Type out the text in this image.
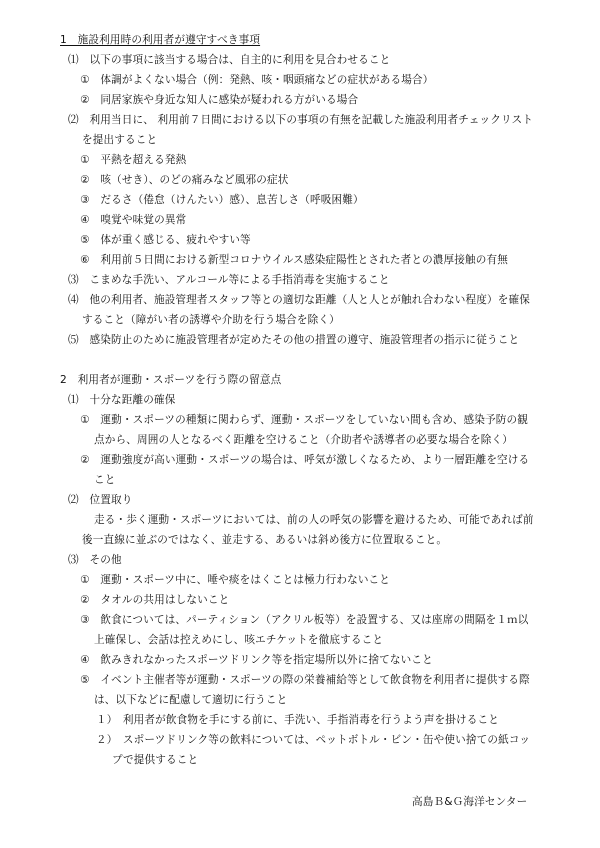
1　施設利用時の利用者が遵守すべき事項
⑴　以下の事項に該当する場合は、自主的に利用を見合わせること
①　体調がよくない場合（例：発熱、咳・咽頭痛などの症状がある場合）
②　同居家族や身近な知人に感染が疑われる方がいる場合
⑵　利用当日に、 利用前７日間における以下の事項の有無を記載した施設利用者チェックリスト
を提出すること
①　平熱を超える発熱
②　咳（せき）、のどの痛みなど風邪の症状
③　だるさ（倦怠（けんたい）感）、息苦しさ（呼吸困難）
④　嗅覚や味覚の異常
⑤　体が重く感じる、疲れやすい等
⑥　利用前５日間における新型コロナウイルス感染症陽性とされた者との濃厚接触の有無
⑶　こまめな手洗い、アルコール等による手指消毒を実施すること
⑷　他の利用者、施設管理者スタッフ等との適切な距離（人と人とが触れ合わない程度）を確保
すること（障がい者の誘導や介助を行う場合を除く）
⑸　感染防止のために施設管理者が定めたその他の措置の遵守、施設管理者の指示に従うこと
2　利用者が運動・スポーツを行う際の留意点
⑴　十分な距離の確保
①　運動・スポーツの種類に関わらず、運動・スポーツをしていない間も含め、感染予防の観
点から、周囲の人となるべく距離を空けること（介助者や誘導者の必要な場合を除く）
②　運動強度が高い運動・スポーツの場合は、呼気が激しくなるため、より一層距離を空ける
こと
⑵　位置取り
走る・歩く運動・スポーツにおいては、前の人の呼気の影響を避けるため、可能であれば前
後一直線に並ぶのではなく、並走する、あるいは斜め後方に位置取ること。
⑶　その他
①　運動・スポーツ中に、唾や痰をはくことは極力行わないこと
②　タオルの共用はしないこと
③　飲食については、パーティション（アクリル板等）を設置する、又は座席の間隔を１ｍ以
上確保し、会話は控えめにし、咳エチケットを徹底すること
④　飲みきれなかったスポーツドリンク等を指定場所以外に捨てないこと
⑤　イベント主催者等が運動・スポーツの際の栄養補給等として飲食物を利用者に提供する際
は、以下などに配慮して適切に行うこと
１）　利用者が飲食物を手にする前に、手洗い、手指消毒を行うよう声を掛けること
２）　スポーツドリンク等の飲料については、ペットボトル・ビン・缶や使い捨ての紙コッ
プで提供すること
高島Ｂ&Ｇ海洋センター
